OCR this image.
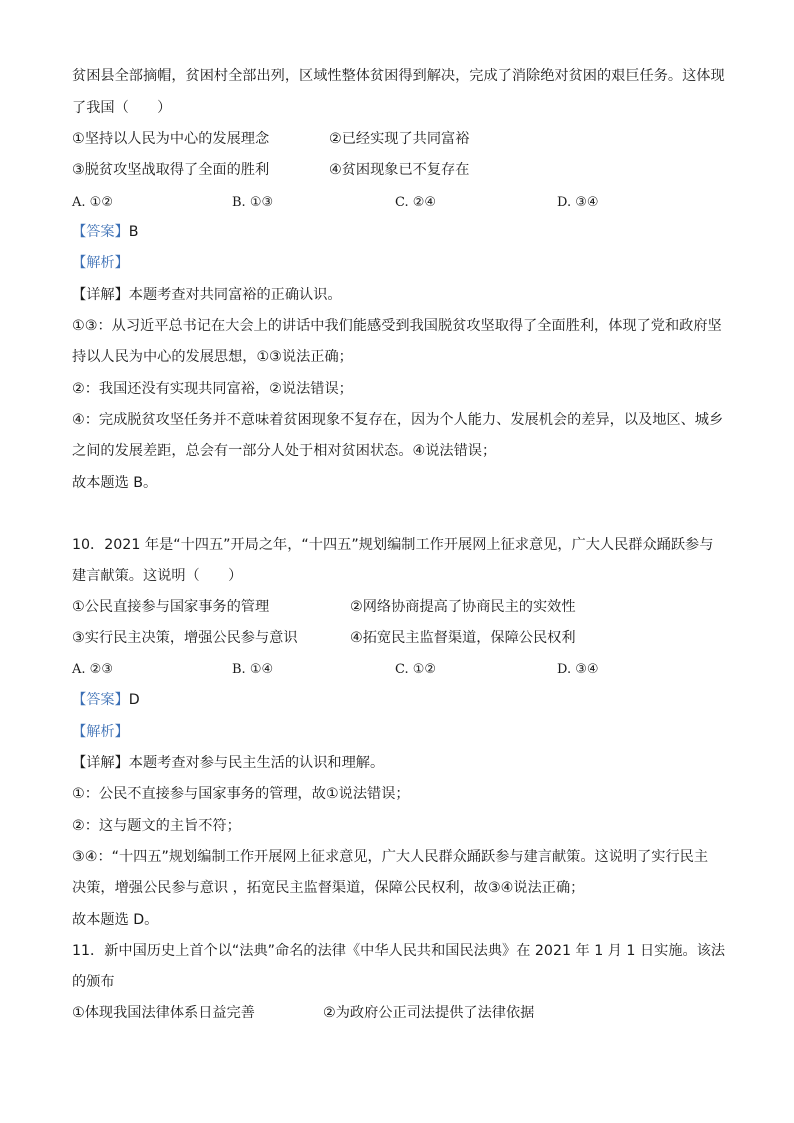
贫困县全部摘帽，贫困村全部出列，区域性整体贫困得到解决，完成了消除绝对贫困的艰巨任务。这体现
了我国（　　）
①坚持以人民为中心的发展理念	②已经实现了共同富裕
③脱贫攻坚战取得了全面的胜利	④贫困现象已不复存在
A. ①②	B. ①③	C. ②④	D. ③④
【答案】B
【解析】
【详解】本题考查对共同富裕的正确认识。
①③：从习近平总书记在大会上的讲话中我们能感受到我国脱贫攻坚取得了全面胜利，体现了党和政府坚
持以人民为中心的发展思想，①③说法正确；
②：我国还没有实现共同富裕，②说法错误；
④：完成脱贫攻坚任务并不意味着贫困现象不复存在，因为个人能力、发展机会的差异，以及地区、城乡
之间的发展差距，总会有一部分人处于相对贫困状态。④说法错误；
故本题选 B。
10．2021 年是“十四五”开局之年，“十四五”规划编制工作开展网上征求意见，广大人民群众踊跃参与
建言献策。这说明（　　）
①公民直接参与国家事务的管理	②网络协商提高了协商民主的实效性
③实行民主决策，增强公民参与意识	④拓宽民主监督渠道，保障公民权利
A. ②③	B. ①④	C. ①②	D. ③④
【答案】D
【解析】
【详解】本题考查对参与民主生活的认识和理解。
①：公民不直接参与国家事务的管理，故①说法错误；
②：这与题文的主旨不符；
③④：“十四五”规划编制工作开展网上征求意见，广大人民群众踊跃参与建言献策。这说明了实行民主
决策，增强公民参与意识 ，拓宽民主监督渠道，保障公民权利，故③④说法正确；
故本题选 D。
11．新中国历史上首个以“法典”命名的法律《中华人民共和国民法典》在 2021 年 1 月 1 日实施。该法
的颁布
①体现我国法律体系日益完善	②为政府公正司法提供了法律依据
